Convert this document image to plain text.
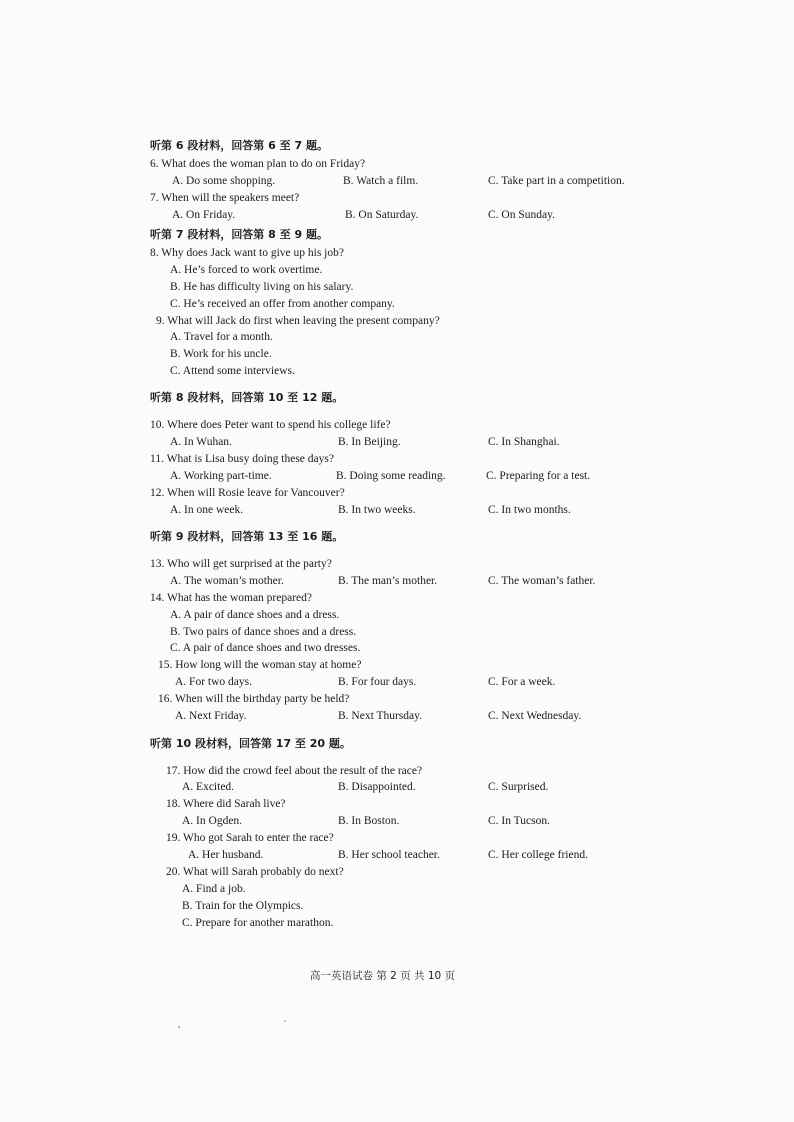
听第 6 段材料，回答第 6 至 7 题。
6. What does the woman plan to do on Friday?
A. Do some shopping.	B. Watch a film.	C. Take part in a competition.
7. When will the speakers meet?
A. On Friday.	B. On Saturday.	C. On Sunday.
听第 7 段材料，回答第 8 至 9 题。
8. Why does Jack want to give up his job?
A. He’s forced to work overtime.
B. He has difficulty living on his salary.
C. He’s received an offer from another company.
9. What will Jack do first when leaving the present company?
A. Travel for a month.
B. Work for his uncle.
C. Attend some interviews.
听第 8 段材料，回答第 10 至 12 题。
10. Where does Peter want to spend his college life?
A. In Wuhan.	B. In Beijing.	C. In Shanghai.
11. What is Lisa busy doing these days?
A. Working part-time.	B. Doing some reading.	C. Preparing for a test.
12. When will Rosie leave for Vancouver?
A. In one week.	B. In two weeks.	C. In two months.
听第 9 段材料，回答第 13 至 16 题。
13. Who will get surprised at the party?
A. The woman’s mother.	B. The man’s mother.	C. The woman’s father.
14. What has the woman prepared?
A. A pair of dance shoes and a dress.
B. Two pairs of dance shoes and a dress.
C. A pair of dance shoes and two dresses.
15. How long will the woman stay at home?
A. For two days.	B. For four days.	C. For a week.
16. When will the birthday party be held?
A. Next Friday.	B. Next Thursday.	C. Next Wednesday.
听第 10 段材料，回答第 17 至 20 题。
17. How did the crowd feel about the result of the race?
A. Excited.	B. Disappointed.	C. Surprised.
18. Where did Sarah live?
A. In Ogden.	B. In Boston.	C. In Tucson.
19. Who got Sarah to enter the race?
A. Her husband.	B. Her school teacher.	C. Her college friend.
20. What will Sarah probably do next?
A. Find a job.
B. Train for the Olympics.
C. Prepare for another marathon.
高一英语试卷 第 2 页 共 10 页
